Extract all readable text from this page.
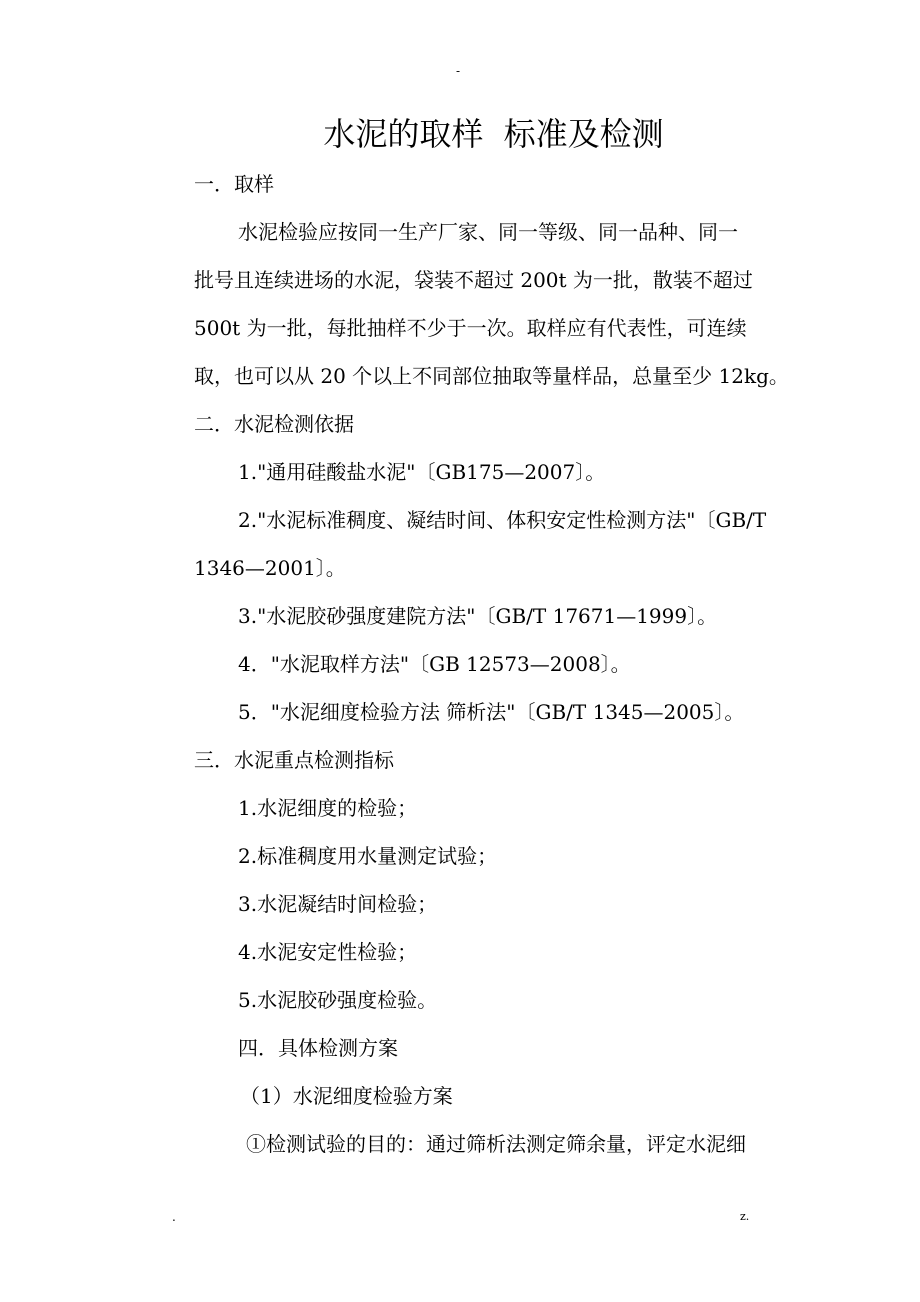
-
水泥的取样  标准及检测
一．取样
水泥检验应按同一生产厂家、同一等级、同一品种、同一
批号且连续进场的水泥，袋装不超过 200t 为一批，散装不超过
500t 为一批，每批抽样不少于一次。取样应有代表性，可连续
取，也可以从 20 个以上不同部位抽取等量样品，总量至少 12kg。
二．水泥检测依据
1."通用硅酸盐水泥"〔GB175—2007〕。
2."水泥标准稠度、凝结时间、体积安定性检测方法"〔GB/T
1346—2001〕。
3."水泥胶砂强度建院方法"〔GB/T 17671—1999〕。
4．"水泥取样方法"〔GB 12573—2008〕。
5．"水泥细度检验方法 筛析法"〔GB/T 1345—2005〕。
三．水泥重点检测指标
1.水泥细度的检验；
2.标准稠度用水量测定试验；
3.水泥凝结时间检验；
4.水泥安定性检验；
5.水泥胶砂强度检验。
四．具体检测方案
（1）水泥细度检验方案
①检测试验的目的：通过筛析法测定筛余量，评定水泥细
.	z.
